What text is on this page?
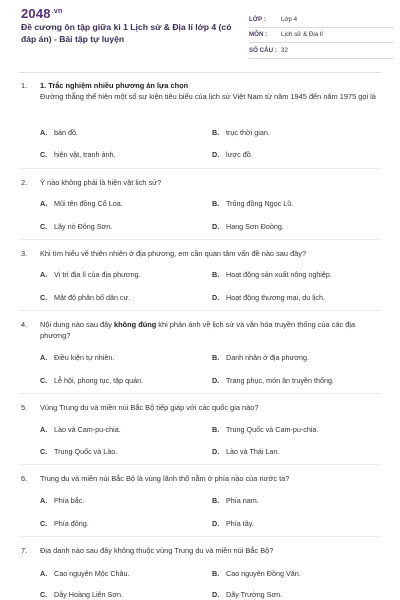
$2048^{.vn}$
Đề cương ôn tập giữa kì 1 Lịch sử & Địa lí lớp 4 (có đáp án) - Bài tập tự luyện
LỚP :	Lớp 4
MÔN :	Lịch sử & Địa lí
SỐ CÂU : 32
1.	1. Trắc nghiệm nhiều phương án lựa chọn
Đường thẳng thể hiện một số sự kiện tiêu biểu của lịch sử Việt Nam từ năm 1945 đến năm 1975 gọi là
A. bản đồ.	B. trục thời gian.
C. hiện vật, tranh ảnh.	D. lược đồ.
2.	Ý nào không phải là hiện vật lịch sử?
A. Mũi tên đồng Cổ Loa.	B. Trống đồng Ngọc Lũ.
C. Lãy nỏ Đông Sơn.	D. Hang Sơn Đoòng.
3.	Khi tìm hiểu về thiên nhiên ở địa phương, em cần quan tâm vấn đề nào sau đây?
A. Vị trí địa lí của địa phương.	B. Hoạt động sản xuất nông nghiệp.
C. Mật độ phân bố dân cư.	D. Hoạt động thương mại, du lịch.
4.	Nội dung nào sau đây không đúng khi phản ánh về lịch sử và văn hóa truyền thống của các địa phương?
A. Điều kiện tự nhiên.	B. Danh nhân ở địa phương.
C. Lễ hội, phong tục, tập quán.	D. Trang phục, món ăn truyền thống.
5.	Vùng Trung du và miền núi Bắc Bộ tiếp giáp với các quốc gia nào?
A. Lào và Cam-pu-chia.	B. Trung Quốc và Cam-pu-chia.
C. Trung Quốc và Lào.	D. Lào và Thái Lan.
6.	Trung du và miền núi Bắc Bộ là vùng lãnh thổ nằm ở phía nào của nước ta?
A. Phía bắc.	B. Phía nam.
C. Phía đông.	D. Phía tây.
7.	Địa danh nào sau đây không thuộc vùng Trung du và miền núi Bắc Bộ?
A. Cao nguyên Mộc Châu.	B. Cao nguyên Đồng Văn.
C. Dãy Hoàng Liên Sơn.	D. Dãy Trường Sơn.
